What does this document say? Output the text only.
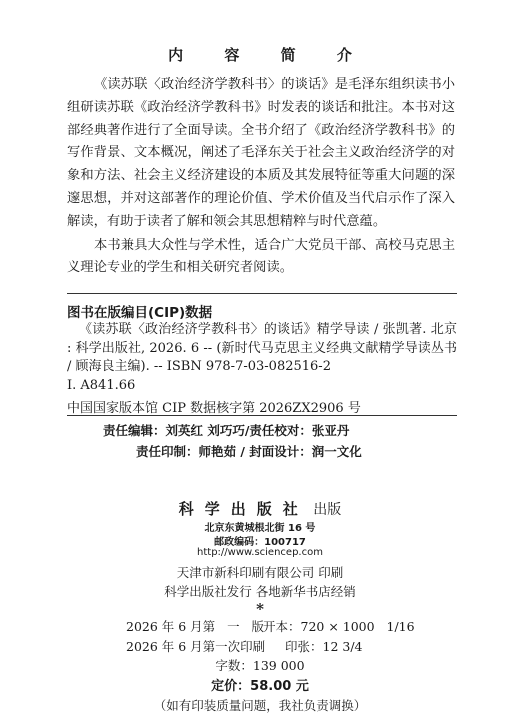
内 容 简 介

《读苏联〈政治经济学教科书〉的谈话》是毛泽东组织读书小组研读苏联《政治经济学教科书》时发表的谈话和批注。本书对这部经典著作进行了全面导读。全书介绍了《政治经济学教科书》的写作背景、文本概况，阐述了毛泽东关于社会主义政治经济学的对象和方法、社会主义经济建设的本质及其发展特征等重大问题的深邃思想，并对这部著作的理论价值、学术价值及当代启示作了深入解读，有助于读者了解和领会其思想精粹与时代意蕴。

本书兼具大众性与学术性，适合广大党员干部、高校马克思主义理论专业的学生和相关研究者阅读。

图书在版编目(CIP)数据
《读苏联〈政治经济学教科书〉的谈话》精学导读 / 张凯著. 北京 : 科学出版社, 2026. 6 -- (新时代马克思主义经典文献精学导读丛书 / 顾海良主编). -- ISBN 978-7-03-082516-2
Ⅰ. A841.66
中国国家版本馆 CIP 数据核字第 2026ZX2906 号
责任编辑：刘英红 刘巧巧/责任校对：张亚丹
责任印制：师艳茹 / 封面设计：润一文化
科学出版社 出版
北京东黄城根北街 16 号
邮政编码：100717
http://www.sciencep.com
天津市新科印刷有限公司 印刷
科学出版社发行 各地新华书店经销
*
2026 年 6 月第   一   版
开本：720 × 1000   1/16
2026 年 6 月第一次印刷 印张：12 3/4
字数：139 000
定价：58.00 元
（如有印装质量问题，我社负责调换）
